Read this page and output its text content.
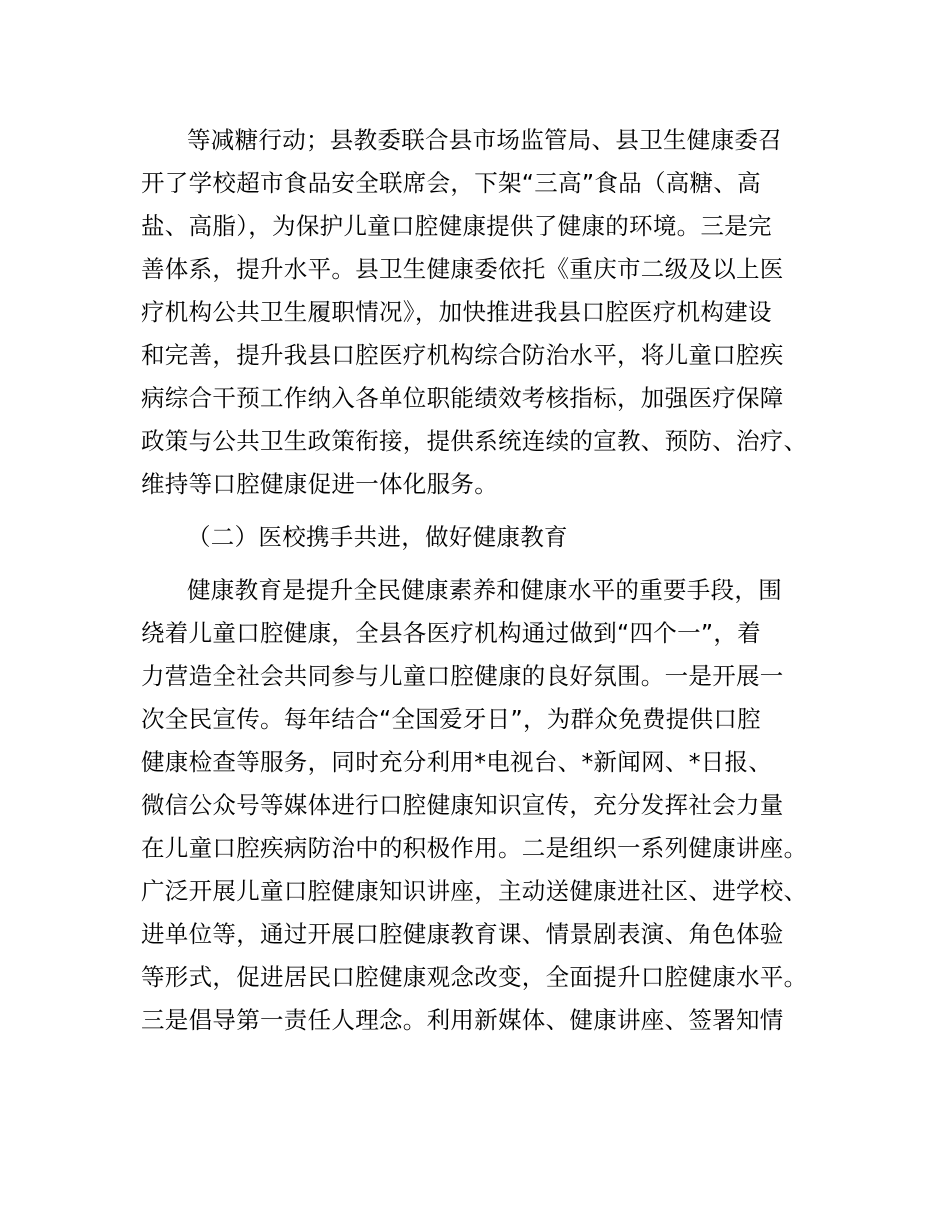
等减糖行动；县教委联合县市场监管局、县卫生健康委召
开了学校超市食品安全联席会，下架“三高”食品（高糖、高
盐、高脂），为保护儿童口腔健康提供了健康的环境。三是完
善体系，提升水平。县卫生健康委依托《重庆市二级及以上医
疗机构公共卫生履职情况》，加快推进我县口腔医疗机构建设
和完善，提升我县口腔医疗机构综合防治水平，将儿童口腔疾
病综合干预工作纳入各单位职能绩效考核指标，加强医疗保障
政策与公共卫生政策衔接，提供系统连续的宣教、预防、治疗、
维持等口腔健康促进一体化服务。
（二）医校携手共进，做好健康教育
健康教育是提升全民健康素养和健康水平的重要手段，围
绕着儿童口腔健康，全县各医疗机构通过做到“四个一”，着
力营造全社会共同参与儿童口腔健康的良好氛围。一是开展一
次全民宣传。每年结合“全国爱牙日”，为群众免费提供口腔
健康检查等服务，同时充分利用*电视台、*新闻网、*日报、
微信公众号等媒体进行口腔健康知识宣传，充分发挥社会力量
在儿童口腔疾病防治中的积极作用。二是组织一系列健康讲座。
广泛开展儿童口腔健康知识讲座，主动送健康进社区、进学校、
进单位等，通过开展口腔健康教育课、情景剧表演、角色体验
等形式，促进居民口腔健康观念改变，全面提升口腔健康水平。
三是倡导第一责任人理念。利用新媒体、健康讲座、签署知情
